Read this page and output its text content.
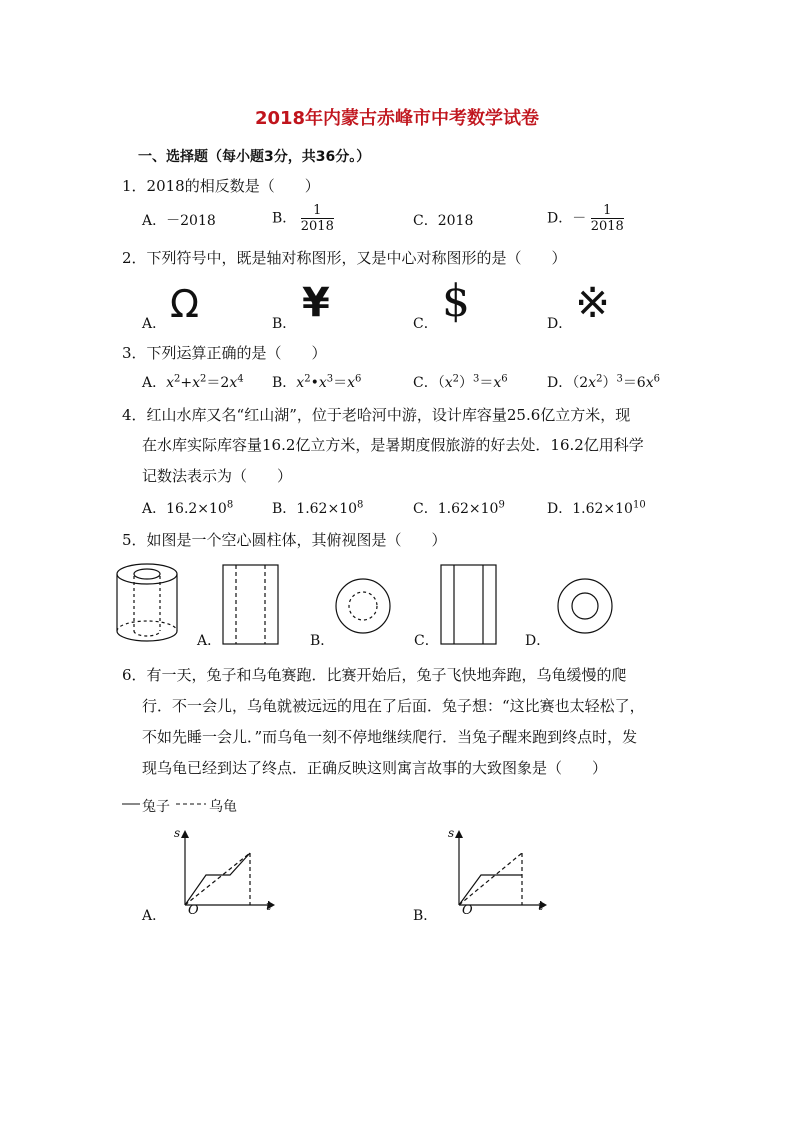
2018年内蒙古赤峰市中考数学试卷
一、选择题（每小题3分，共36分。）
1．2018的相反数是（　　）
A．－2018	B． $\frac{1}{2018}$	C．2018	D．－ $\frac{1}{2018}$
2．下列符号中，既是轴对称图形，又是中心对称图形的是（　　）
A． Ω	B． ¥	C． $	D． ※
3．下列运算正确的是（　　）
A．$x^2+x^2=2x^4$ B．$x^2•x^3=x^6$	C．$(x^2)^3=x^6$	D．$(2x^2)^3=6x^6$
4．红山水库又名“红山湖”，位于老哈河中游，设计库容量25.6亿立方米，现
在水库实际库容量16.2亿立方米，是暑期度假旅游的好去处．16.2亿用科学
记数法表示为（　　）
A．$16.2\times 10^8$	B．$1.62\times 10^8$	C．$1.62\times 10^9$	D．$1.62\times 10^{10}$
5．如图是一个空心圆柱体，其俯视图是（　　）
A．	B．	C．	D．
6．有一天，兔子和乌龟赛跑．比赛开始后，兔子飞快地奔跑，乌龟缓慢的爬
行．不一会儿，乌龟就被远远的甩在了后面．兔子想：“这比赛也太轻松了，
不如先睡一会儿．”而乌龟一刻不停地继续爬行．当兔子醒来跑到终点时，发
现乌龟已经到达了终点．正确反映这则寓言故事的大致图象是（　　）
兔子	乌龟
s
t
O
A．
s
t
O
B．
